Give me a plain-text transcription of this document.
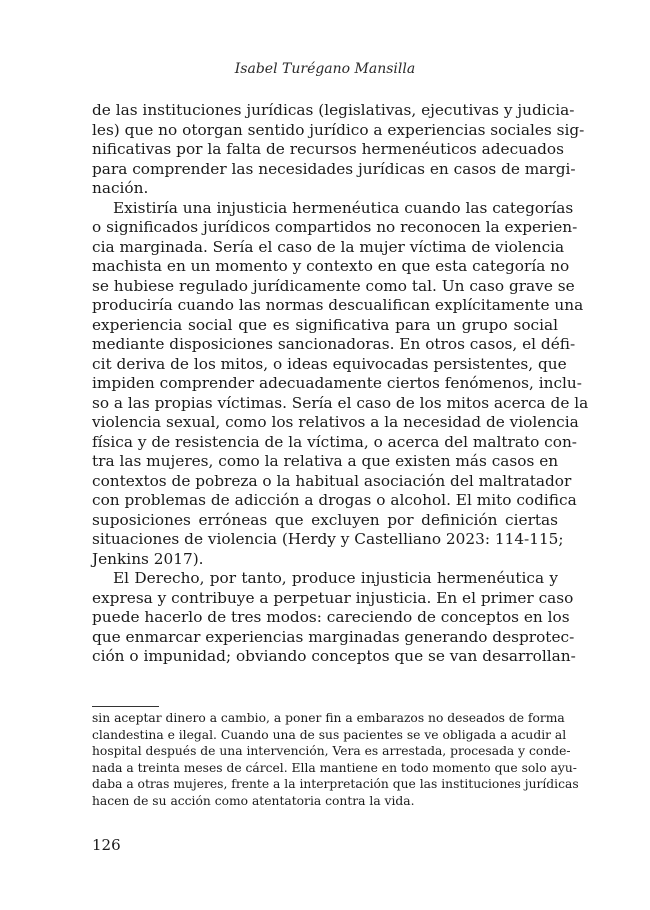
Isabel Turégano Mansilla
de las instituciones jurídicas (legislativas, ejecutivas y judicia-
les) que no otorgan sentido jurídico a experiencias sociales sig-
nificativas por la falta de recursos hermenéuticos adecuados
para comprender las necesidades jurídicas en casos de margi-
nación.
Existiría una injusticia hermenéutica cuando las categorías
o significados jurídicos compartidos no reconocen la experien-
cia marginada. Sería el caso de la mujer víctima de violencia
machista en un momento y contexto en que esta categoría no
se hubiese regulado jurídicamente como tal. Un caso grave se
produciría cuando las normas descualifican explícitamente una
experiencia social que es significativa para un grupo social
mediante disposiciones sancionadoras. En otros casos, el défi-
cit deriva de los mitos, o ideas equivocadas persistentes, que
impiden comprender adecuadamente ciertos fenómenos, inclu-
so a las propias víctimas. Sería el caso de los mitos acerca de la
violencia sexual, como los relativos a la necesidad de violencia
física y de resistencia de la víctima, o acerca del maltrato con-
tra las mujeres, como la relativa a que existen más casos en
contextos de pobreza o la habitual asociación del maltratador
con problemas de adicción a drogas o alcohol. El mito codifica
suposiciones erróneas que excluyen por definición ciertas
situaciones de violencia (Herdy y Castelliano 2023: 114-115;
Jenkins 2017).
El Derecho, por tanto, produce injusticia hermenéutica y
expresa y contribuye a perpetuar injusticia. En el primer caso
puede hacerlo de tres modos: careciendo de conceptos en los
que enmarcar experiencias marginadas generando desprotec-
ción o impunidad; obviando conceptos que se van desarrollan-
sin aceptar dinero a cambio, a poner fin a embarazos no deseados de forma
clandestina e ilegal. Cuando una de sus pacientes se ve obligada a acudir al
hospital después de una intervención, Vera es arrestada, procesada y conde-
nada a treinta meses de cárcel. Ella mantiene en todo momento que solo ayu-
daba a otras mujeres, frente a la interpretación que las instituciones jurídicas
hacen de su acción como atentatoria contra la vida.
126
